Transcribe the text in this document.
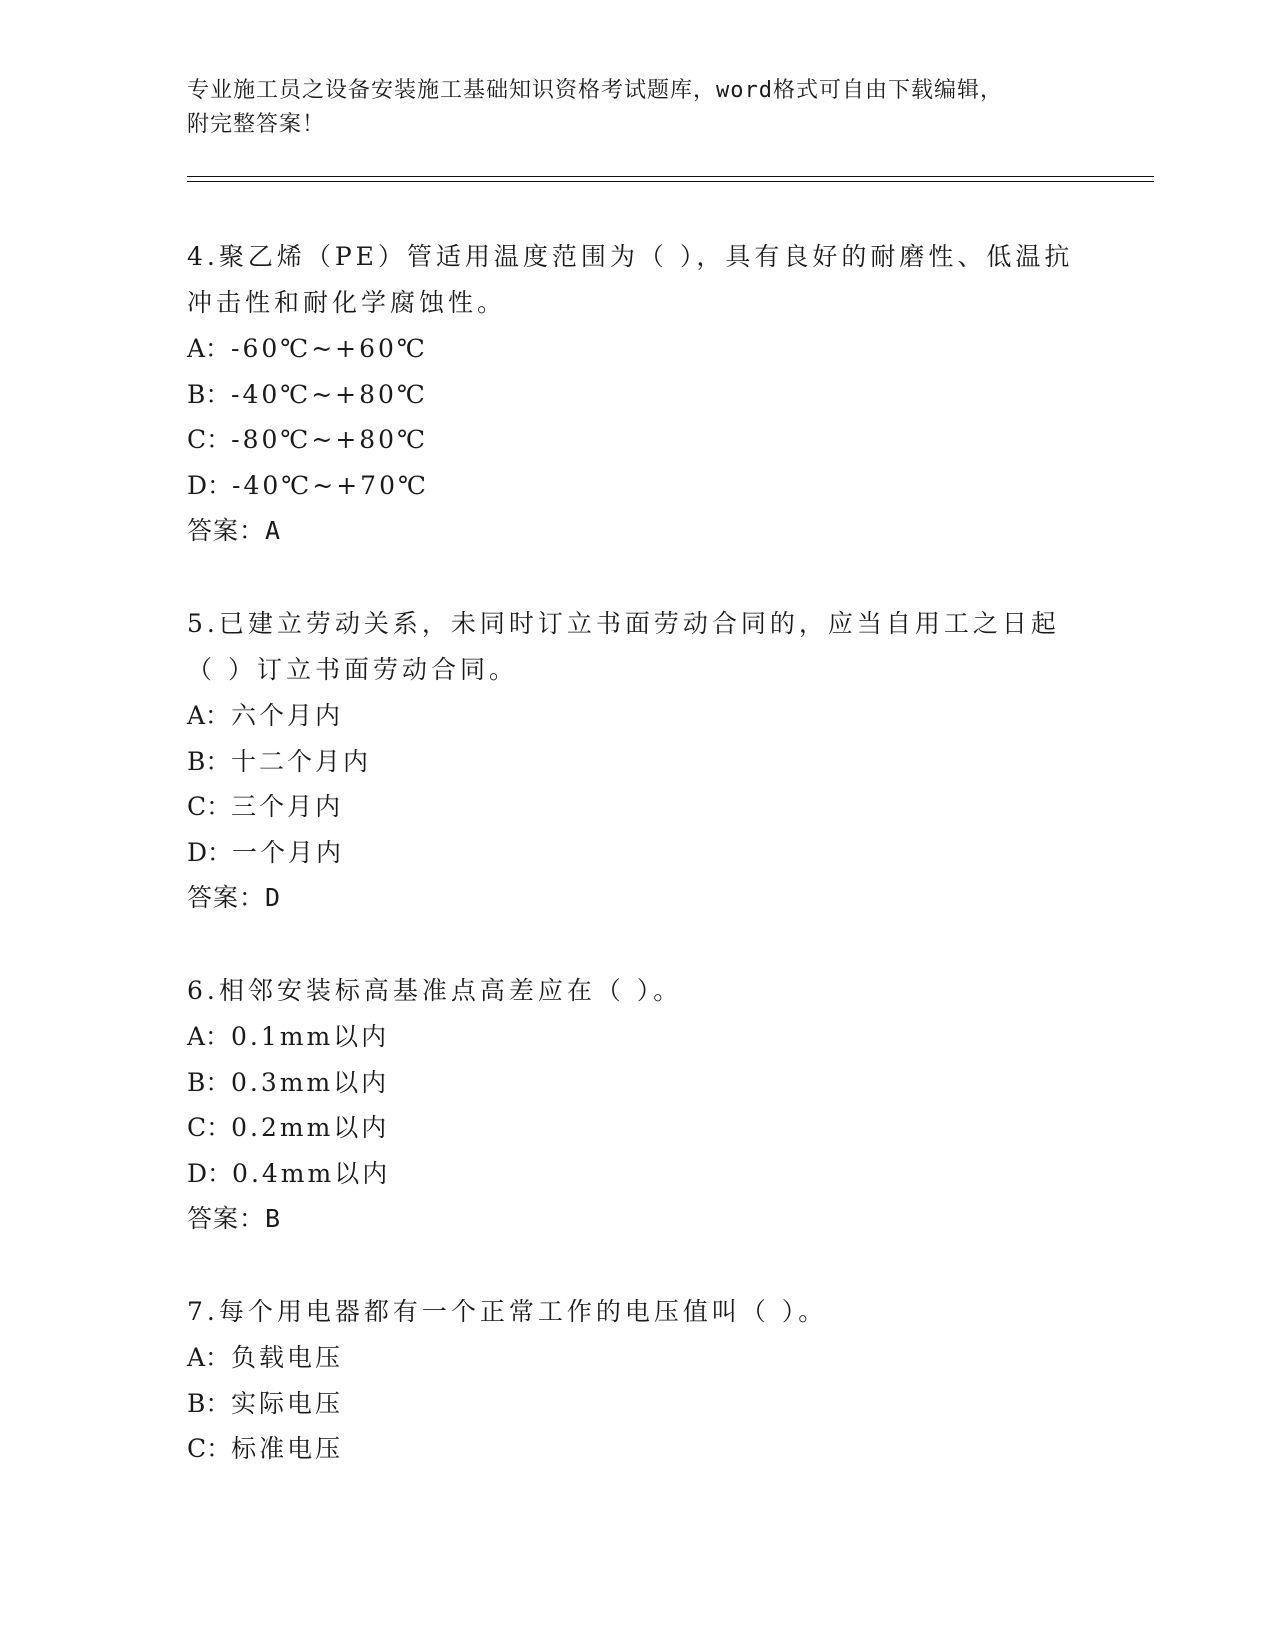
专业施工员之设备安装施工基础知识资格考试题库，word格式可自由下载编辑，
附完整答案！

4.聚乙烯（PE）管适用温度范围为（ ），具有良好的耐磨性、低温抗冲击性和耐化学腐蚀性。

A： -60℃~+60℃
B： -40℃~+80℃
C： -80℃~+80℃
D： -40℃~+70℃
答案：A

5.已建立劳动关系，未同时订立书面劳动合同的，应当自用工之日起（ ）订立书面劳动合同。

A： 六个月内
B： 十二个月内
C： 三个月内
D： 一个月内
答案：D

6.相邻安装标高基准点高差应在（ ）。

A： 0.1mm以内
B： 0.3mm以内
C： 0.2mm以内
D： 0.4mm以内
答案：B

7.每个用电器都有一个正常工作的电压值叫（ ）。

A： 负载电压
B： 实际电压
C： 标准电压
